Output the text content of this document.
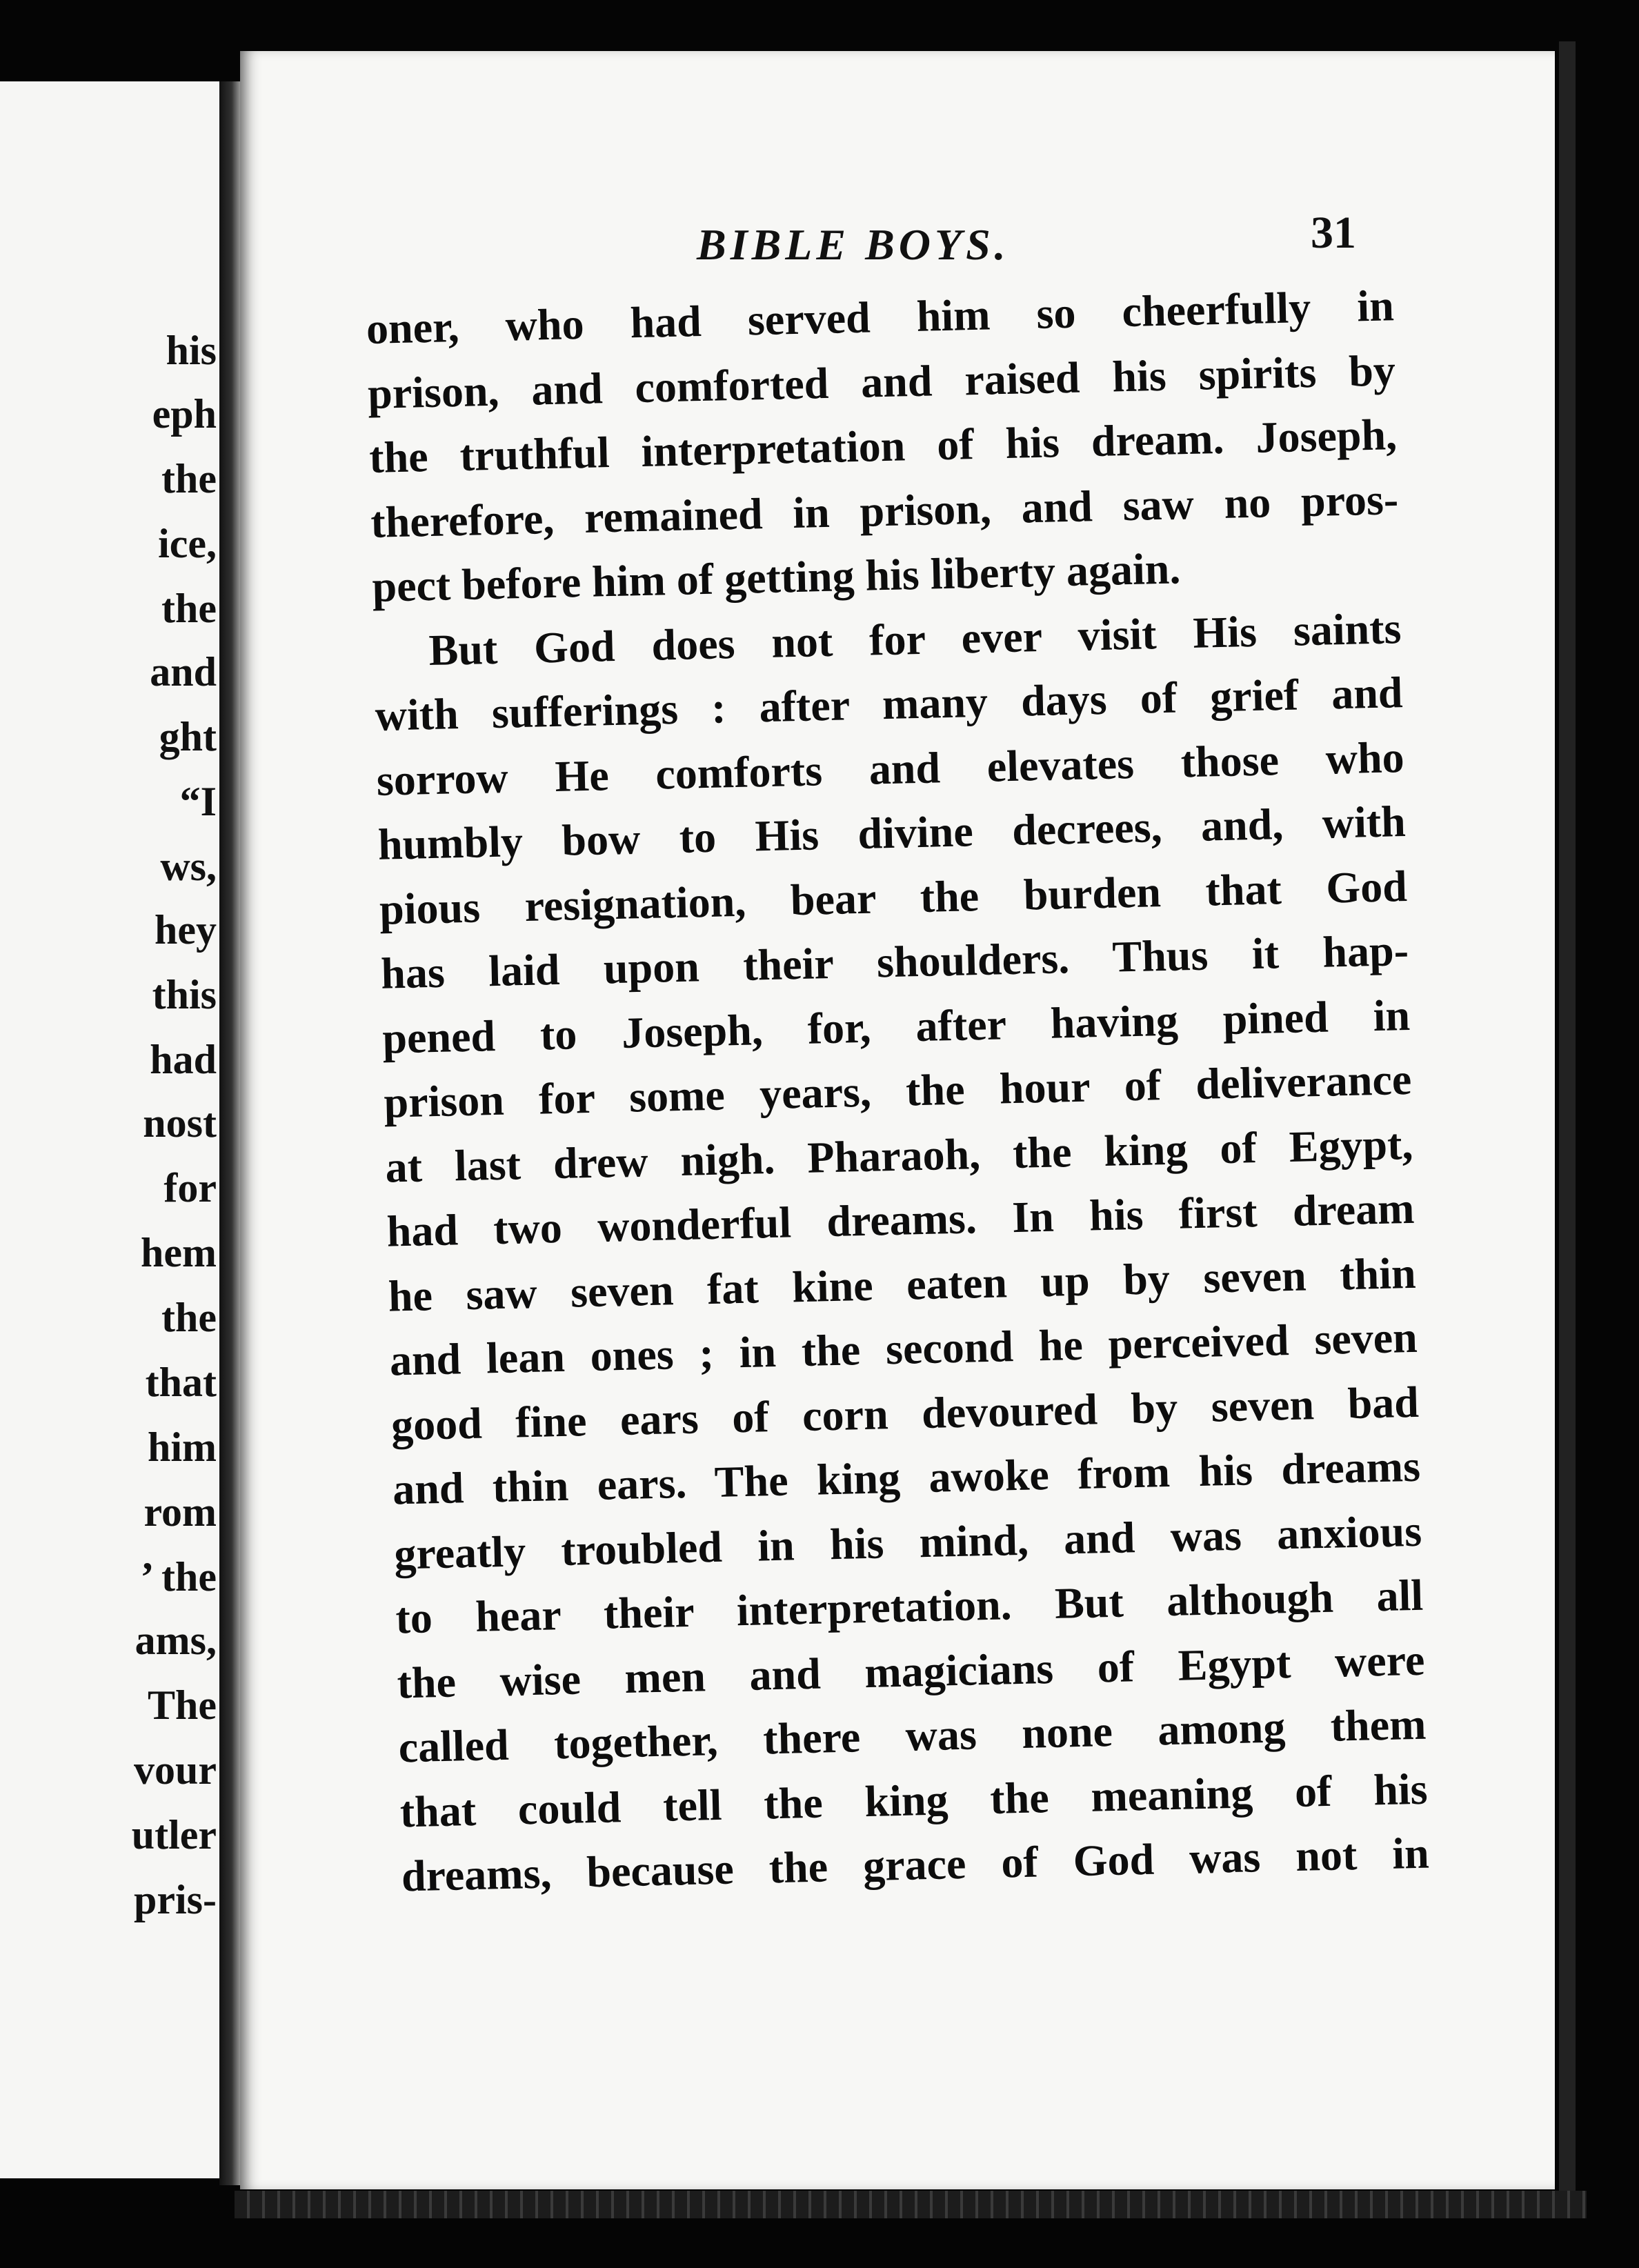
his
eph
the
ice,
the
and
ght
“I
ws,
hey
this
had
nost
for
hem
the
that
him
rom
’ the
ams,
The
vour
utler
pris-
BIBLE BOYS.	31
oner, who had served him so cheerfully in
prison, and comforted and raised his spirits by
the truthful interpretation of his dream. Joseph,
therefore, remained in prison, and saw no pros-
pect before him of getting his liberty again.
But God does not for ever visit His saints
with sufferings : after many days of grief and
sorrow He comforts and elevates those who
humbly bow to His divine decrees, and, with
pious resignation, bear the burden that God
has laid upon their shoulders. Thus it hap-
pened to Joseph, for, after having pined in
prison for some years, the hour of deliverance
at last drew nigh. Pharaoh, the king of Egypt,
had two wonderful dreams. In his first dream
he saw seven fat kine eaten up by seven thin
and lean ones ; in the second he perceived seven
good fine ears of corn devoured by seven bad
and thin ears. The king awoke from his dreams
greatly troubled in his mind, and was anxious
to hear their interpretation. But although all
the wise men and magicians of Egypt were
called together, there was none among them
that could tell the king the meaning of his
dreams, because the grace of God was not in
